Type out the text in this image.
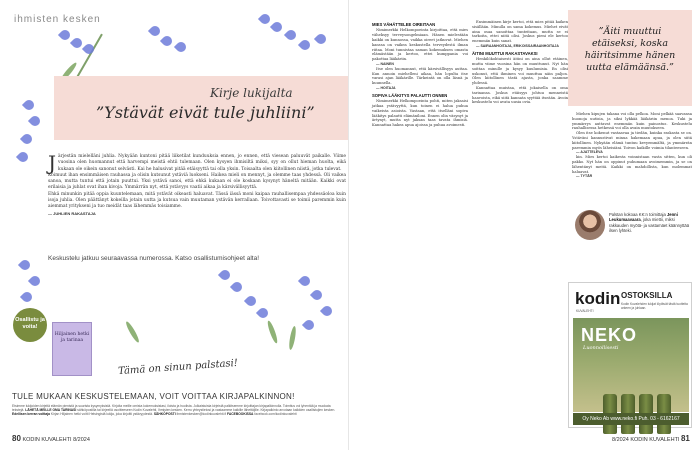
ihmisten kesken
Kirje lukijalta
”Ystävät eivät tule juhliini”
J ärjestän mielelläni juhlia. Nykyään kuntoni pitää liiketilat kunduuksia ennen, jo ennen, että viesean paluuvät paikalle. Viime vuosina olen huomannut että harvempi meistä ehtii tulemaan. Olen kysyen ihmisiltä miksi, syy on ollut hieman huolta, eikä kukaan ole oikein sanonut selvästi. Kai he halusivat pitää etäisyyttä tai olla yksin. Toisaalta olen kiitollinen niistä, jotka tulevat.

Koimuut ihan ensimmäisen rauhassa ja olisin kutsunut ystäviä luokseni. Haikea mieli on mennyt, ja olemme taas yhdessä. Oli vaikea sanoa, mutta tuntui että jotain puuttui. Yksi ystävä sanoi, että ehkä kukaan ei ole koskaan kysynyt häneltä mitään. Kaikki ovat erilaisia ja juhlat ovat ihan kivoja. Ymmärrän nyt, että ystävyys vaatii aikaa ja kärsivällisyyttä.

Ehkä minunkin pitää oppia kuuntelemaan, mitä ystävät oikeasti haluavat. Tässä iässä moni kaipaa rauhallisempaa yhdessäoloa kuin isoja juhlia. Olen päättänyt kokeilla jotain uutta ja kutsua vain muutaman ystävän kerrallaan. Toivottavasti se toimii paremmin kuin aiemmat yritykseni ja tuo meidät taas lähemmäs toisiamme.

— JUHLIEN RAKASTAJA
Keskustelu jatkuu seuraavassa numerossa. Katso osallistumisohjeet alta!
Osallistu ja voita!
Hiljainen hetki
ja tarinaa
Tämä on sinun palstasi!
TULE MUKAAN KESKUSTELEMAAN, VOIT VOITTAA KIRJAPALKINNON!
Etsimme lukijoiden kirjeitä elämän pienistä ja suurista kysymyksistä. Kirjoita meille omista kokemuksistasi, iloista ja huolista. Julkaistuista kirjeistä palkitsemme kirjoittajan kirjapalkinnolla. Toimitus voi lyhentää ja muokata tekstejä. LÄHETÄ MEILLE OMA TARINASI sähköpostilla tai kirjeellä osoitteeseen Kodin Kuvalehti, Ihmisten kesken. Kerro yhteystietosi ja vastaamme kaikille lähettäjille. Kirjapalkinto arvotaan kaikkien osallistujien kesken. Edellisen kerran voittaja Kirjan Hiljainen hetki voitti Helsingistä lukija, joka kirjoitti ystävyydestä. SÄHKÖPOSTI ihmistenkesken@kodinkuvalehti.fi FACEBOOKISSA facebook.com/kodinkuvalehti
80 KODIN KUVALEHTI 8/2024
MIES VÄHÄTTELEE OIREITAAN

Nimimerkki Helkompoeinta kirjoittaa, että mies väheksyy terveysongelmiaan. Hänen mielestään kaikki on kunnossa, vaikka oireet jatkuvat. Miehen kanssa on vaikea keskustella terveydestä ilman riitaa. Moni tunnistaa saman kokemuksen omasta elämästään ja kertoo, ettei kumppania voi pakottaa lääkäriin.

— NAINEN

Itse olen huomannut, että kärsivällisyys auttaa. Kun annoin miehelleni aikaa, hän lopulta itse varasi ajan lääkärille. Tärkeintä on olla läsnä ja kuunnella.

— HOITAJA

SOPIVA LÄÄKITYS PALAUTTI ONNEN

Nimimerkki Helkompoeinta pohti, miten jaksaisi jatkaa ystävyyttä, kun toinen ei halua puhua vaikeista asioista. Vastaan, että itselläni sopiva lääkitys palautti elämäniloni. Ennen olin väsynyt ja ärtynyt, mutta nyt jaksan taas tavata ihmisiä. Kannattaa hakea apua ajoissa ja puhua avoimesti.

Ensimmäinen kirje kertoi, että mies pitää kaiken sisällään. Minulla on sama kokemus. Miehet eivät aina osaa sanoittaa tunteitaan, mutta se ei tarkoita, ettei niitä olisi. Joskus pieni ele kertoo enemmän kuin sanat.

— SAIRAANHOITAJA, ERIKOISSAIRAANHOITAJA

ÄITINI MUUTTUI RAKASTAVAKSI

Henkilökohtaisesti äitini on aina ollut etäinen, mutta viime vuosina hän on muuttunut. Nyt hän soittaa minulle ja kysyy kuulumisia. En olisi uskonut, että ihminen voi muuttua näin paljon. Olen kiitollinen tästä ajasta, jonka saamme yhdessä.

Kannattaa muistaa, että jokaisella on oma tarinansa. Joskus etäisyys johtuu menneistä haavoista, eikä siitä kannata syyttää itseään. Avoin keskustelu voi avata uusia ovia.

Miehen kipujen takana voi olla pelkoa. Moni pelkää saavansa huonoja uutisia, ja siksi lykkää lääkäriin menoa. Tuki ja ymmärrys auttavat enemmän kuin painostus. Keskustelu rauhallisessa hetkessä voi olla avain muutokseen.

Olen itse kokenut vastaavaa ja tiedän, kuinka raskasta se on. Ystäväni kannustivat minua hakemaan apua, ja olen siitä kiitollinen. Nykyään elämä tuntuu kevyemmältä, ja ymmärrän paremmin myös läheisiäni. Toivon kaikille voimia tilanteeseen.

— AJATTELEVA

kin. Mies kertoi kaikesta voinnistaan vasta sitten, kun oli pakko. Nyt hän on oppinut puhumaan avoimemmin, ja se on lähentänyt meitä. Kaikki on mahdollista, kun molemmat haluavat.

— TYTÄR

”Äiti muuttui etäiseksi, koska häiritsimme hänen uutta elämäänsä.”
Palstan kokoaa KK:n toimittaja Jenni Leukumaavaara, joka miettii, miksi rakkauden myötä- ja vastamäet käännyttää ilsen lyhteki.
kodin
KUVALEHTI
OSTOKSILLA
Kodin Kuvalehden lukijat löytävät tästä tuotteita arkeen ja juhlaan.
NEKO
Luonnollisesti
Oy Neko Ab www.neko.fi Puh. 03 - 6162167
8/2024 KODIN KUVALEHTI 81
